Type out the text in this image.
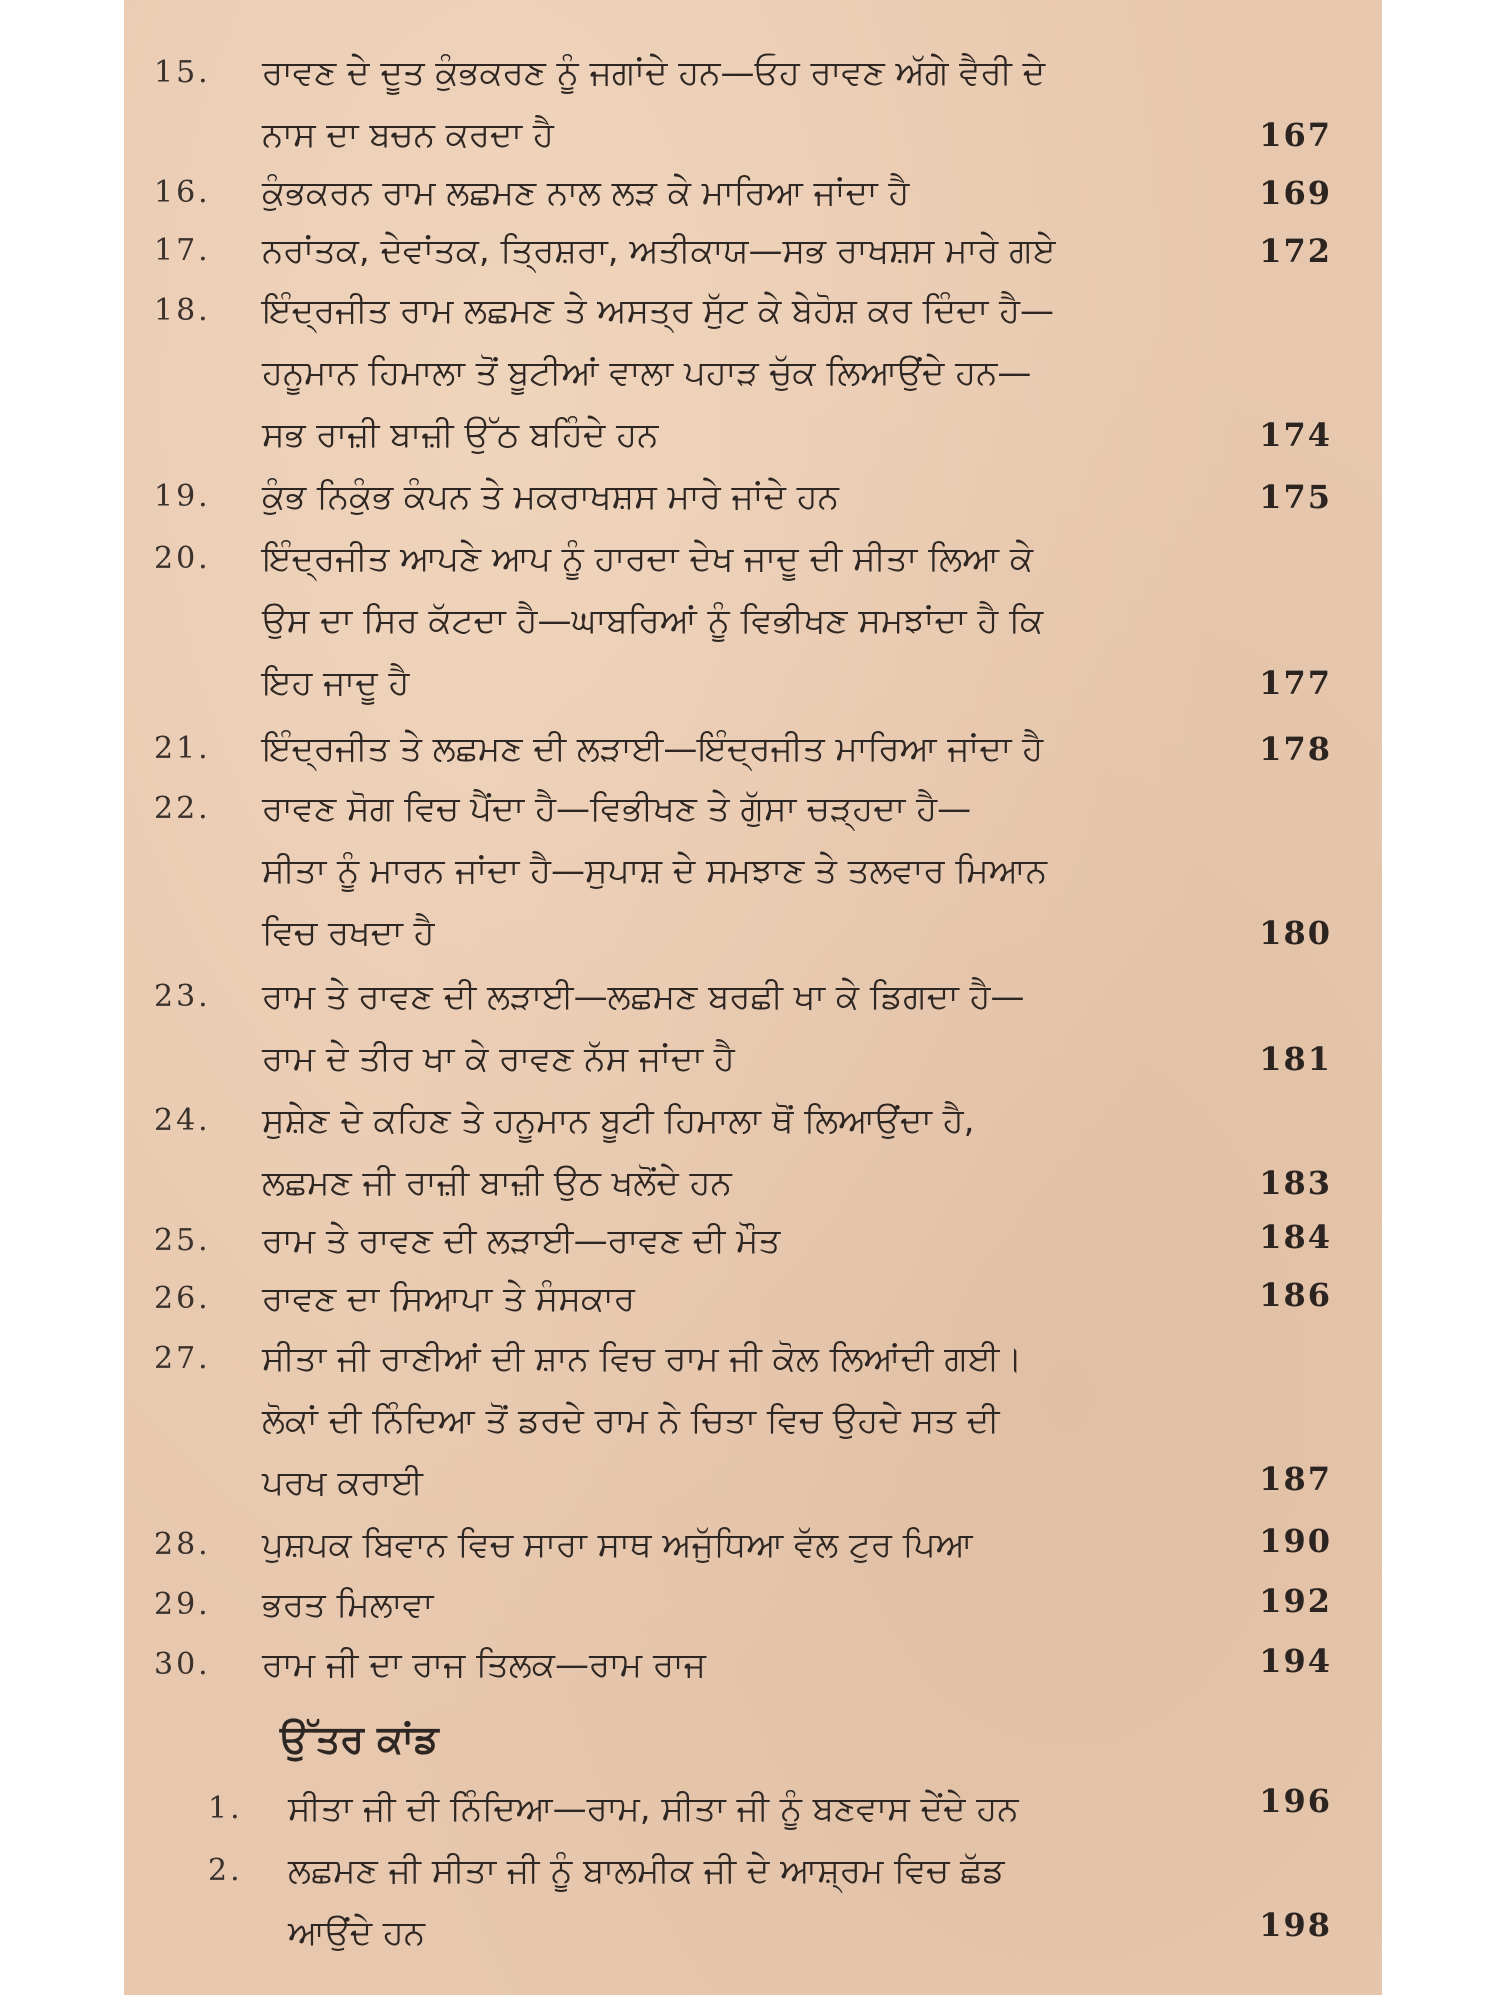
15.	ਰਾਵਣ ਦੇ ਦੂਤ ਕੁੰਭਕਰਣ ਨੂੰ ਜਗਾਂਦੇ ਹਨ—ਓਹ ਰਾਵਣ ਅੱਗੇ ਵੈਰੀ ਦੇ
ਨਾਸ ਦਾ ਬਚਨ ਕਰਦਾ ਹੈ	167
16.	ਕੁੰਭਕਰਨ ਰਾਮ ਲਛਮਣ ਨਾਲ ਲੜ ਕੇ ਮਾਰਿਆ ਜਾਂਦਾ ਹੈ	169
17.	ਨਰਾਂਤਕ, ਦੇਵਾਂਤਕ, ਤ੍ਰਿਸ਼ਰਾ, ਅਤੀਕਾਯ—ਸਭ ਰਾਖਸ਼ਸ ਮਾਰੇ ਗਏ	172
18.	ਇੰਦ੍ਰਜੀਤ ਰਾਮ ਲਛਮਣ ਤੇ ਅਸਤ੍ਰ ਸੁੱਟ ਕੇ ਬੇਹੋਸ਼ ਕਰ ਦਿੰਦਾ ਹੈ—
ਹਨੂਮਾਨ ਹਿਮਾਲਾ ਤੋਂ ਬੂਟੀਆਂ ਵਾਲਾ ਪਹਾੜ ਚੁੱਕ ਲਿਆਉਂਦੇ ਹਨ—
ਸਭ ਰਾਜ਼ੀ ਬਾਜ਼ੀ ਉੱਠ ਬਹਿੰਦੇ ਹਨ	174
19.	ਕੁੰਭ ਨਿਕੁੰਭ ਕੰਪਨ ਤੇ ਮਕਰਾਖਸ਼ਸ ਮਾਰੇ ਜਾਂਦੇ ਹਨ	175
20.	ਇੰਦ੍ਰਜੀਤ ਆਪਣੇ ਆਪ ਨੂੰ ਹਾਰਦਾ ਦੇਖ ਜਾਦੂ ਦੀ ਸੀਤਾ ਲਿਆ ਕੇ
ਉਸ ਦਾ ਸਿਰ ਕੱਟਦਾ ਹੈ—ਘਾਬਰਿਆਂ ਨੂੰ ਵਿਭੀਖਣ ਸਮਝਾਂਦਾ ਹੈ ਕਿ
ਇਹ ਜਾਦੂ ਹੈ	177
21.	ਇੰਦ੍ਰਜੀਤ ਤੇ ਲਛਮਣ ਦੀ ਲੜਾਈ—ਇੰਦ੍ਰਜੀਤ ਮਾਰਿਆ ਜਾਂਦਾ ਹੈ	178
22.	ਰਾਵਣ ਸੋਗ ਵਿਚ ਪੈਂਦਾ ਹੈ—ਵਿਭੀਖਣ ਤੇ ਗੁੱਸਾ ਚੜ੍ਹਦਾ ਹੈ—
ਸੀਤਾ ਨੂੰ ਮਾਰਨ ਜਾਂਦਾ ਹੈ—ਸੁਪਾਸ਼ ਦੇ ਸਮਝਾਣ ਤੇ ਤਲਵਾਰ ਮਿਆਨ
ਵਿਚ ਰਖਦਾ ਹੈ	180
23.	ਰਾਮ ਤੇ ਰਾਵਣ ਦੀ ਲੜਾਈ—ਲਛਮਣ ਬਰਛੀ ਖਾ ਕੇ ਡਿਗਦਾ ਹੈ—
ਰਾਮ ਦੇ ਤੀਰ ਖਾ ਕੇ ਰਾਵਣ ਨੱਸ ਜਾਂਦਾ ਹੈ	181
24.	ਸੁਸ਼ੇਣ ਦੇ ਕਹਿਣ ਤੇ ਹਨੂਮਾਨ ਬੂਟੀ ਹਿਮਾਲਾ ਥੋਂ ਲਿਆਉਂਦਾ ਹੈ,
ਲਛਮਣ ਜੀ ਰਾਜ਼ੀ ਬਾਜ਼ੀ ਉਠ ਖਲੋਂਦੇ ਹਨ	183
25.	ਰਾਮ ਤੇ ਰਾਵਣ ਦੀ ਲੜਾਈ—ਰਾਵਣ ਦੀ ਮੌਤ	184
26.	ਰਾਵਣ ਦਾ ਸਿਆਪਾ ਤੇ ਸੰਸਕਾਰ	186
27.	ਸੀਤਾ ਜੀ ਰਾਣੀਆਂ ਦੀ ਸ਼ਾਨ ਵਿਚ ਰਾਮ ਜੀ ਕੋਲ ਲਿਆਂਦੀ ਗਈ।
ਲੋਕਾਂ ਦੀ ਨਿੰਦਿਆ ਤੋਂ ਡਰਦੇ ਰਾਮ ਨੇ ਚਿਤਾ ਵਿਚ ਉਹਦੇ ਸਤ ਦੀ
ਪਰਖ ਕਰਾਈ	187
28.	ਪੁਸ਼ਪਕ ਬਿਵਾਨ ਵਿਚ ਸਾਰਾ ਸਾਥ ਅਜੁੱਧਿਆ ਵੱਲ ਟੁਰ ਪਿਆ	190
29.	ਭਰਤ ਮਿਲਾਵਾ	192
30.	ਰਾਮ ਜੀ ਦਾ ਰਾਜ ਤਿਲਕ—ਰਾਮ ਰਾਜ	194
ਉੱਤਰ ਕਾਂਡ
1.	ਸੀਤਾ ਜੀ ਦੀ ਨਿੰਦਿਆ—ਰਾਮ, ਸੀਤਾ ਜੀ ਨੂੰ ਬਣਵਾਸ ਦੇਂਦੇ ਹਨ	196
2.	ਲਛਮਣ ਜੀ ਸੀਤਾ ਜੀ ਨੂੰ ਬਾਲਮੀਕ ਜੀ ਦੇ ਆਸ਼੍ਰਮ ਵਿਚ ਛੱਡ
ਆਉਂਦੇ ਹਨ	198
